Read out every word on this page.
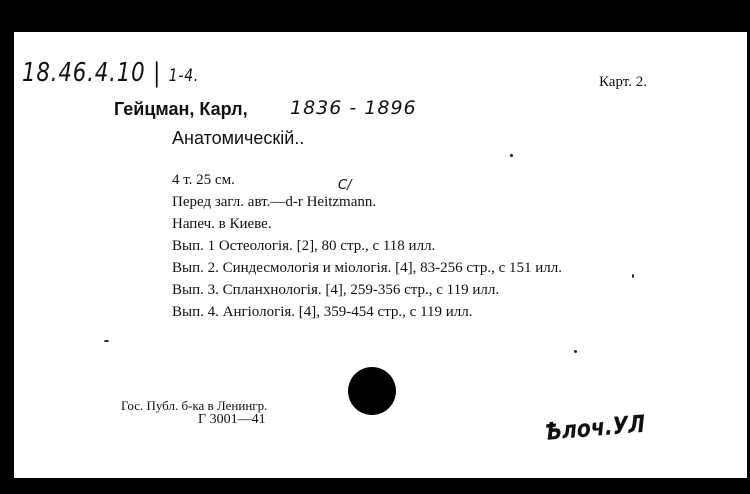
18.46.4.10 | 1-4.	Карт. 2.
Гейцман, Карл, 1836 - 1896
Анатомическій..
C/
4 т. 25 см.
Перед загл. авт.—d-r Heitzmann.
Напеч. в Киеве.
Вып. 1 Остеологія. [2], 80 стр., с 118 илл.
Вып. 2. Синдесмологія и міологія. [4], 83-256 стр., с 151 илл.
Вып. 3. Спланхнологія. [4], 259-356 стр., с 119 илл.
Вып. 4. Ангіологія. [4], 359-454 стр., с 119 илл.
Гос. Публ. б-ка в Ленингр.
Г 3001—41	Ѣлоч.УЛ
